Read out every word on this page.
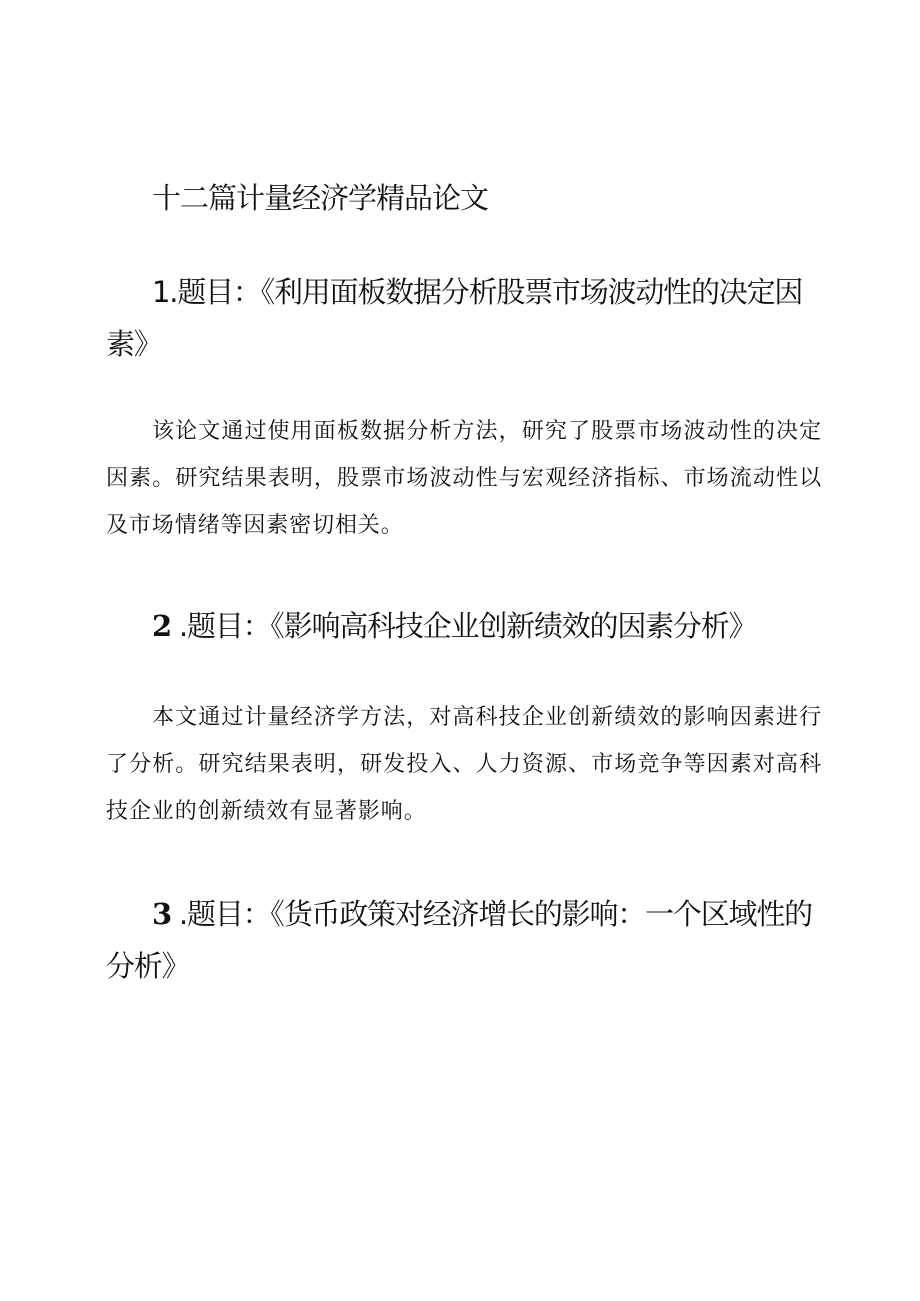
十二篇计量经济学精品论文
1.题目：《利用面板数据分析股票市场波动性的决定因素》

该论文通过使用面板数据分析方法，研究了股票市场波动性的决定因素。研究结果表明，股票市场波动性与宏观经济指标、市场流动性以及市场情绪等因素密切相关。

2 .题目：《影响高科技企业创新绩效的因素分析》

本文通过计量经济学方法，对高科技企业创新绩效的影响因素进行了分析。研究结果表明，研发投入、人力资源、市场竞争等因素对高科技企业的创新绩效有显著影响。

3 .题目：《货币政策对经济增长的影响：一个区域性的分析》
